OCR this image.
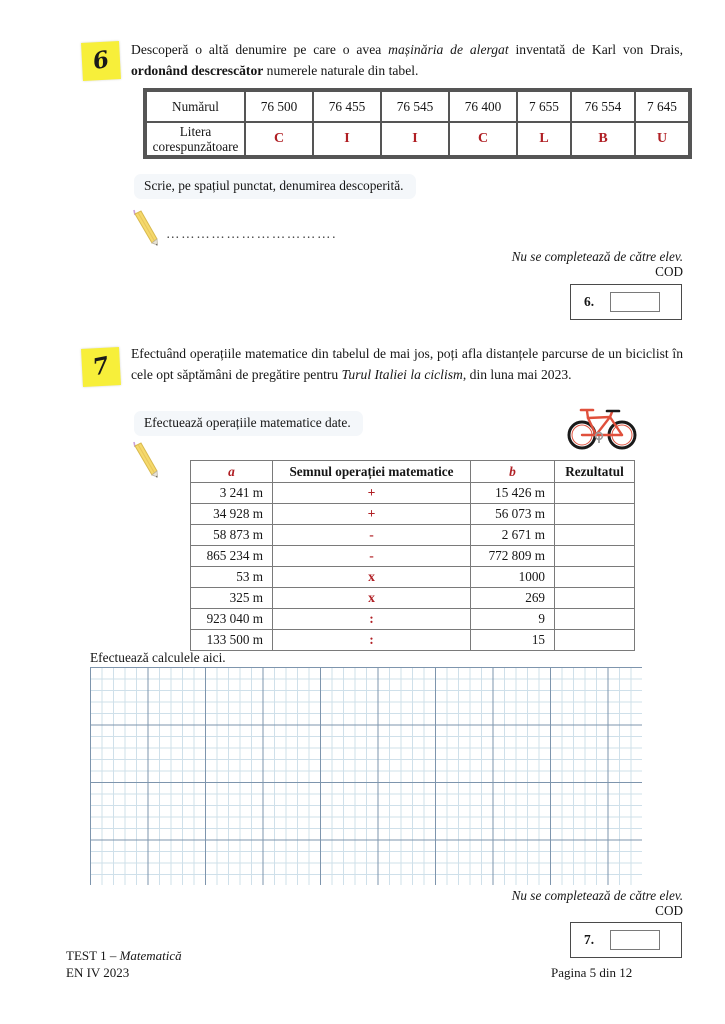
6	Descoperă o altă denumire pe care o avea mașinăria de alergat inventată de Karl von Drais, ordonând descrescător numerele naturale din tabel.
Numărul	76 500	76 455	76 545	76 400	7 655	76 554	7 645
Litera corespunzătoare	C	I	I	C	L	B	U
Scrie, pe spațiul punctat, denumirea descoperită.
…………………………….
Nu se completează de către elev.
COD
6.
7	Efectuând operațiile matematice din tabelul de mai jos, poți afla distanțele parcurse de un biciclist în cele opt săptămâni de pregătire pentru Turul Italiei la ciclism, din luna mai 2023.
Efectuează operațiile matematice date.
a	Semnul operației matematice	b	Rezultatul
3 241 m	+	15 426 m	
34 928 m	+	56 073 m	
58 873 m	-	2 671 m	
865 234 m	-	772 809 m	
53 m	x	1000	
325 m	x	269	
923 040 m	:	9	
133 500 m	:	15	
Efectuează calculele aici.
Nu se completează de către elev.
COD
7.
TEST 1 – Matematică
EN IV 2023	Pagina 5 din 12
